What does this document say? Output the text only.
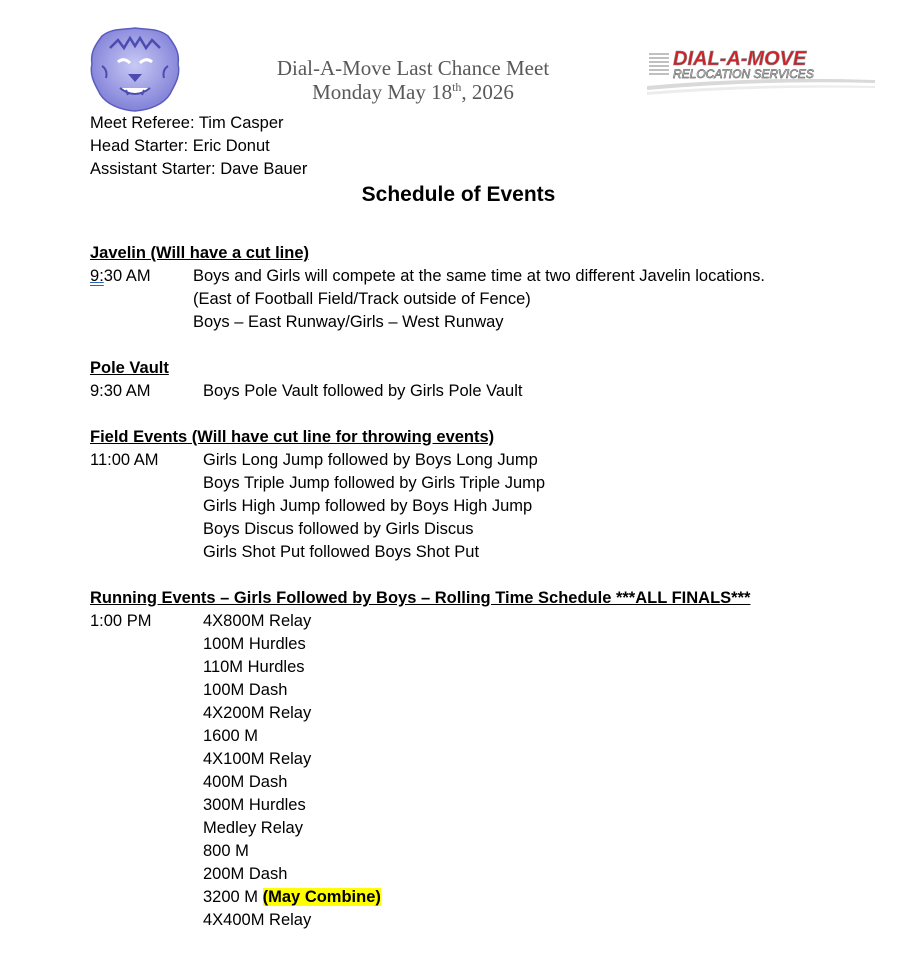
Dial-A-Move Last Chance Meet
Monday May 18th, 2026
DIAL-A-MOVE
RELOCATION SERVICES
Meet Referee: Tim Casper
Head Starter: Eric Donut
Assistant Starter: Dave Bauer
Schedule of Events
Javelin (Will have a cut line)
9:30 AM	Boys and Girls will compete at the same time at two different Javelin locations.
(East of Football Field/Track outside of Fence)
Boys – East Runway/Girls – West Runway
Pole Vault
9:30 AM	Boys Pole Vault followed by Girls Pole Vault
Field Events (Will have cut line for throwing events)
11:00 AM	Girls Long Jump followed by Boys Long Jump
Boys Triple Jump followed by Girls Triple Jump
Girls High Jump followed by Boys High Jump
Boys Discus followed by Girls Discus
Girls Shot Put followed Boys Shot Put
Running Events – Girls Followed by Boys – Rolling Time Schedule ***ALL FINALS***
1:00 PM	4X800M Relay
100M Hurdles
110M Hurdles
100M Dash
4X200M Relay
1600 M
4X100M Relay
400M Dash
300M Hurdles
Medley Relay
800 M
200M Dash
3200 M (May Combine)
4X400M Relay
